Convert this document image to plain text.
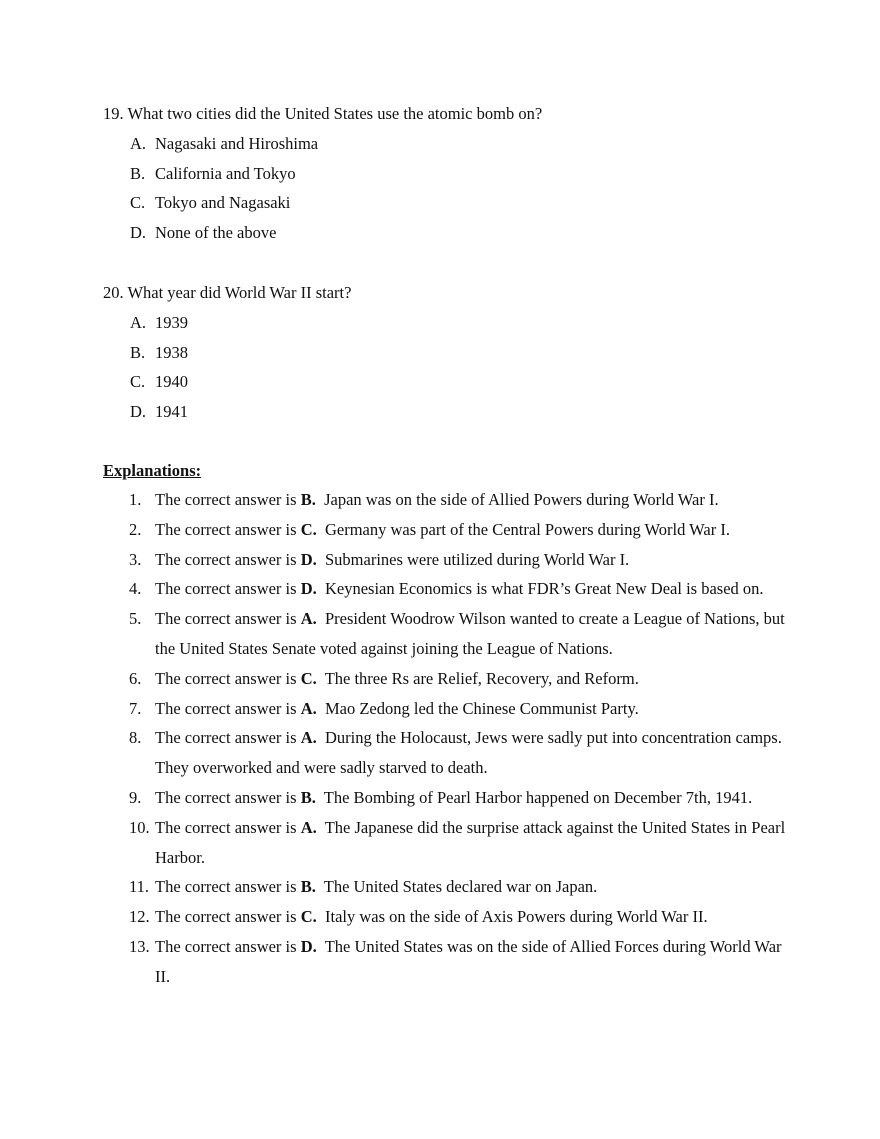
19. What two cities did the United States use the atomic bomb on?
A. Nagasaki and Hiroshima
B. California and Tokyo
C. Tokyo and Nagasaki
D. None of the above
20. What year did World War II start?
A. 1939
B. 1938
C. 1940
D. 1941
Explanations:
1. The correct answer is B. Japan was on the side of Allied Powers during World War I.
2. The correct answer is C. Germany was part of the Central Powers during World War I.
3. The correct answer is D. Submarines were utilized during World War I.
4. The correct answer is D. Keynesian Economics is what FDR’s Great New Deal is based on.
5. The correct answer is A. President Woodrow Wilson wanted to create a League of Nations, but the United States Senate voted against joining the League of Nations.
6. The correct answer is C. The three Rs are Relief, Recovery, and Reform.
7. The correct answer is A. Mao Zedong led the Chinese Communist Party.
8. The correct answer is A. During the Holocaust, Jews were sadly put into concentration camps. They overworked and were sadly starved to death.
9. The correct answer is B. The Bombing of Pearl Harbor happened on December 7th, 1941.
10. The correct answer is A. The Japanese did the surprise attack against the United States in Pearl Harbor.
11. The correct answer is B. The United States declared war on Japan.
12. The correct answer is C. Italy was on the side of Axis Powers during World War II.
13. The correct answer is D. The United States was on the side of Allied Forces during World War II.
